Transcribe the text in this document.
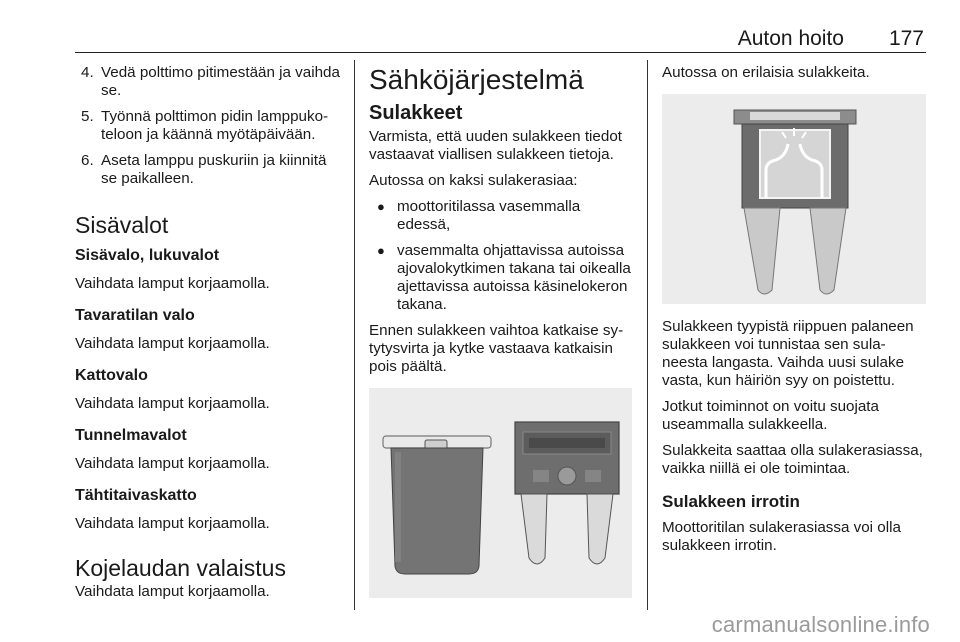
Auton hoito 177
4. Vedä polttimo pitimestään ja vaihda se.
5. Työnnä polttimon pidin lamppukoteloon ja käännä myötäpäivään.
6. Aseta lamppu puskuriin ja kiinnitä se paikalleen.
Sisävalot
Sisävalo, lukuvalot

Vaihdata lamput korjaamolla.

Tavaratilan valo

Vaihdata lamput korjaamolla.

Kattovalo

Vaihdata lamput korjaamolla.

Tunnelmavalot

Vaihdata lamput korjaamolla.

Tähtitaivaskatto

Vaihdata lamput korjaamolla.

Kojelaudan valaistus

Vaihdata lamput korjaamolla.

Sähköjärjestelmä
Sulakkeet

Varmista, että uuden sulakkeen tiedot vastaavat viallisen sulakkeen tietoja.

Autossa on kaksi sulakerasiaa:

● moottoritilassa vasemmalla edessä,
● vasemmalta ohjattavissa autoissa ajovalokytkimen takana tai oikealla ajettavissa autoissa käsinelokeron takana.

Ennen sulakkeen vaihtoa katkaise sytytysvirta ja kytke vastaava katkaisin pois päältä.

Autossa on erilaisia sulakkeita.

Sulakkeen tyypistä riippuen palaneen sulakkeen voi tunnistaa sen sulaneesta langasta. Vaihda uusi sulake vasta, kun häiriön syy on poistettu.

Jotkut toiminnot on voitu suojata useammalla sulakkeella.

Sulakkeita saattaa olla sulakerasiassa, vaikka niillä ei ole toimintaa.

Sulakkeen irrotin

Moottoritilan sulakerasiassa voi olla sulakkeen irrotin.

carmanualsonline.info
